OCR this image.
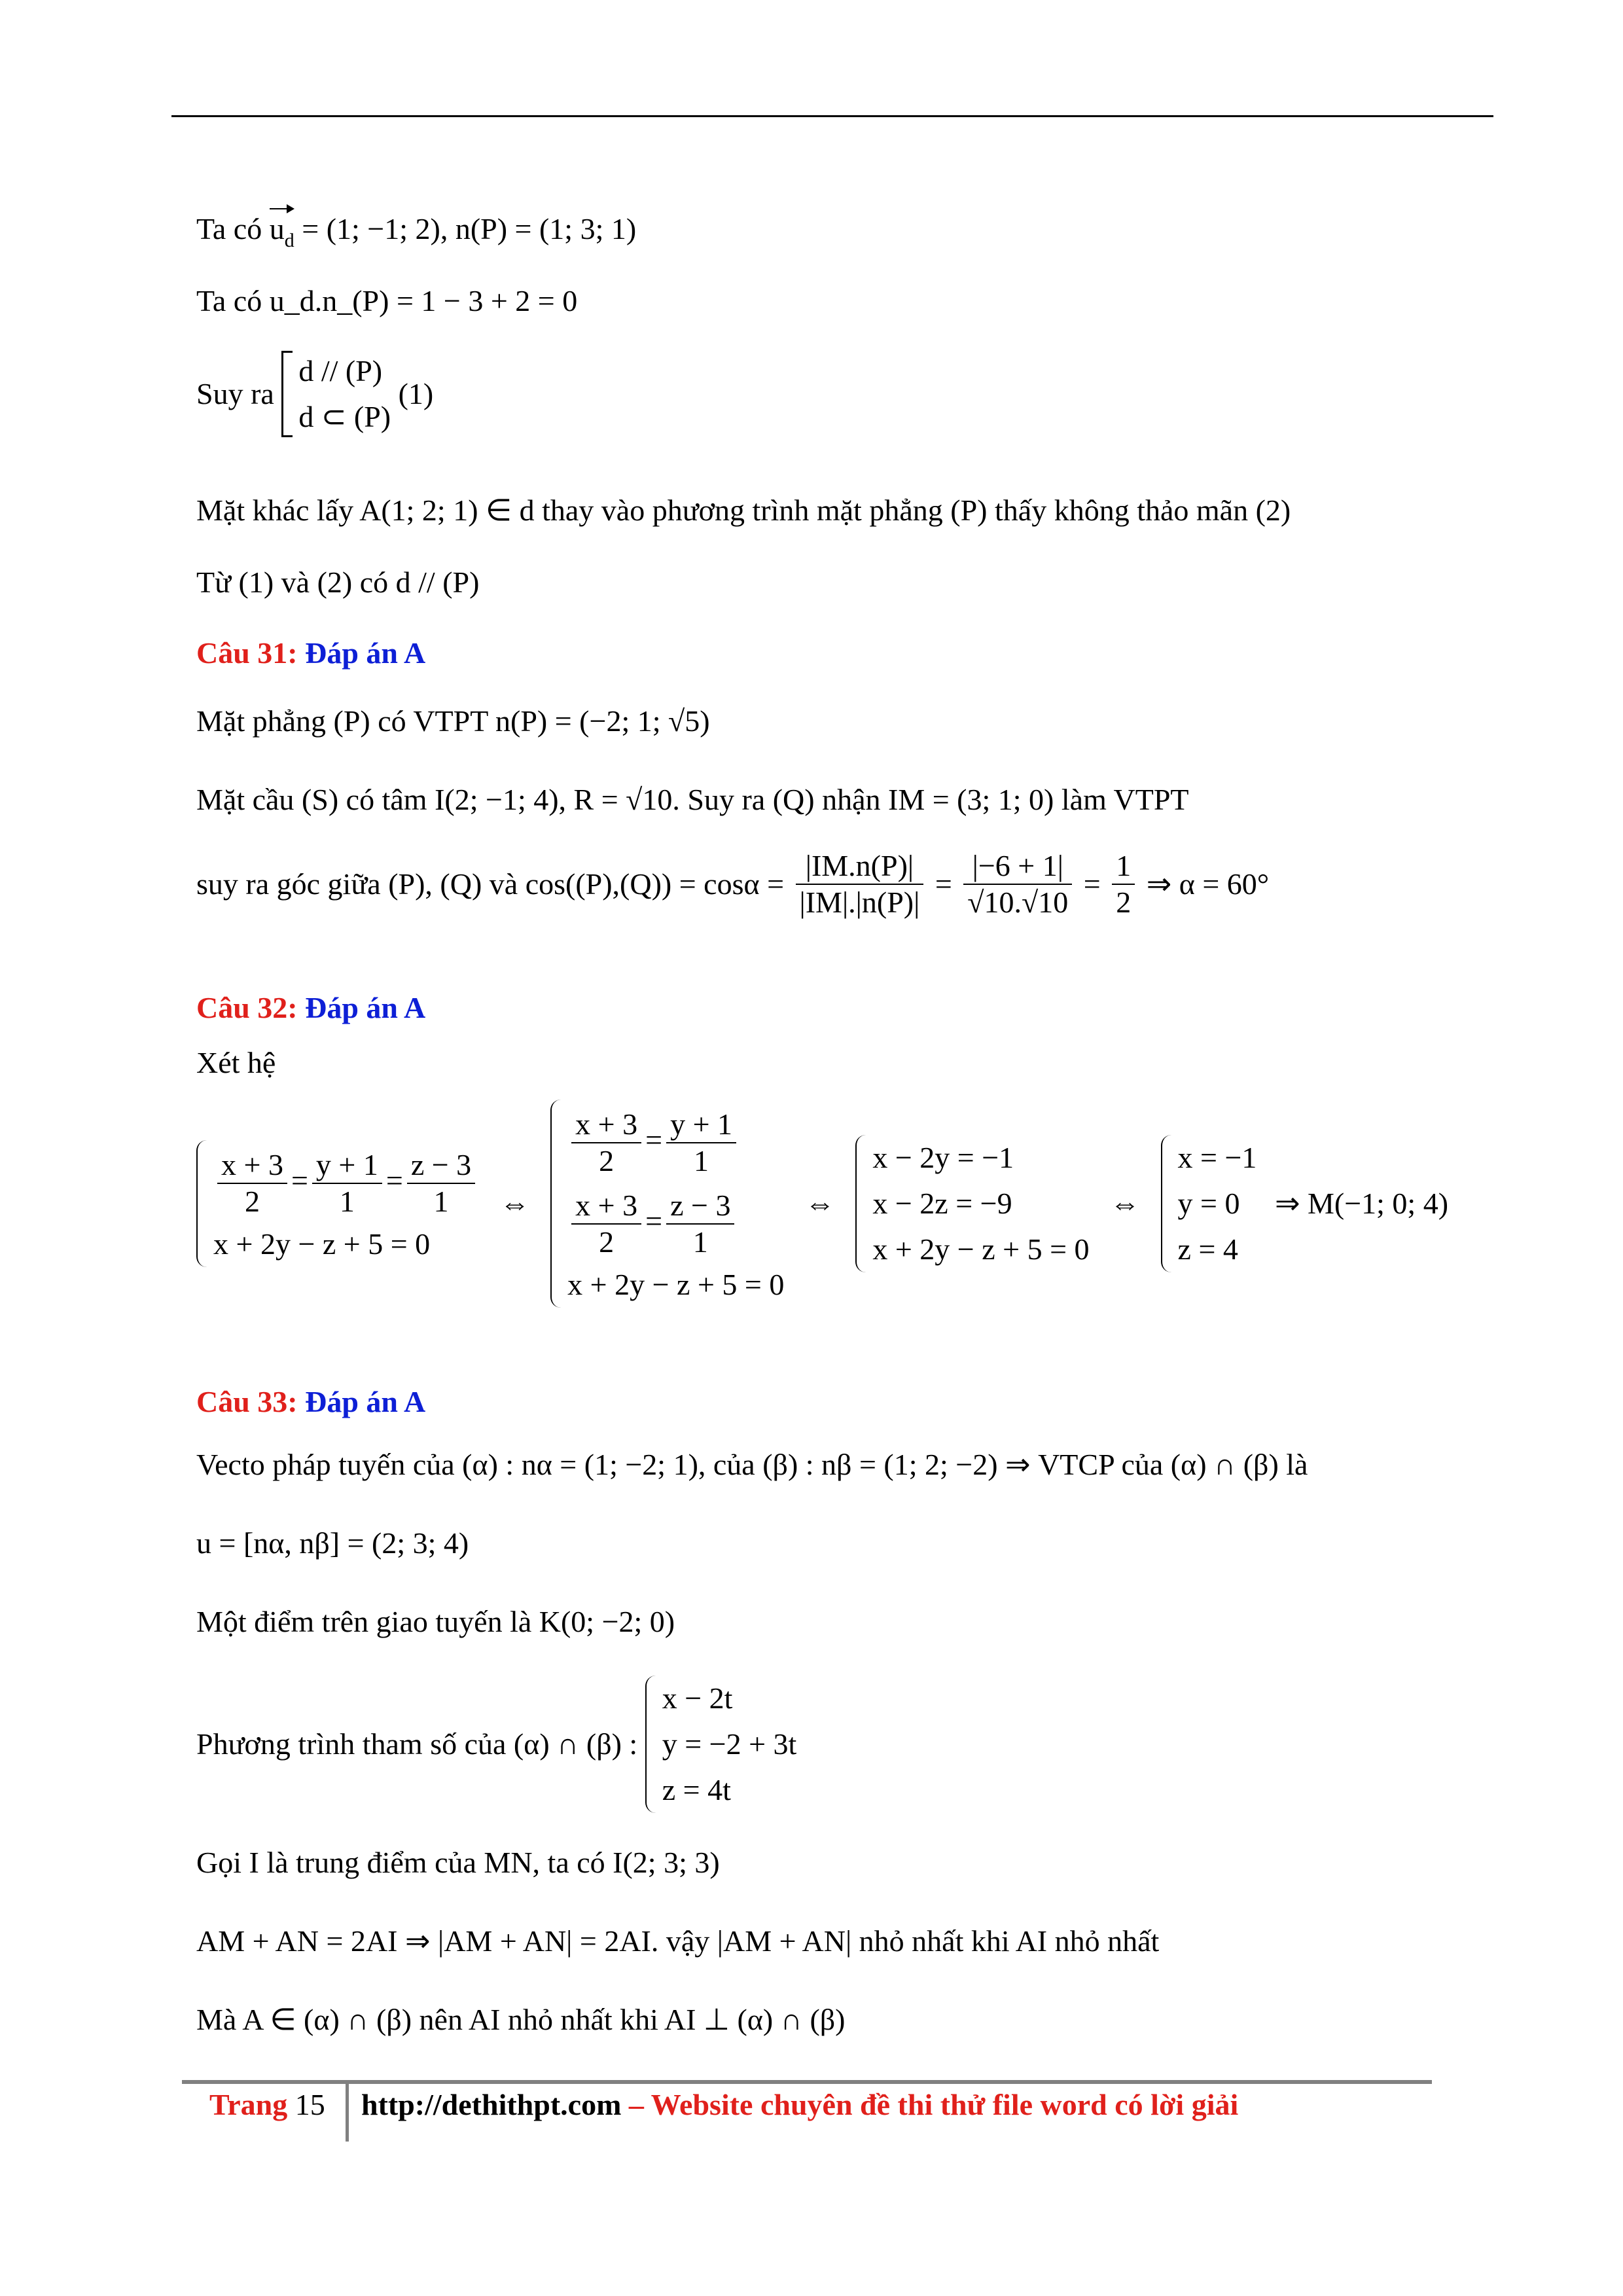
Ta có $u_d = (1$; −1; 2), n(P) = (1; 3; 1)
Ta có u_d.n_(P) = 1 − 3 + 2 = 0
Suy ra
d // (P)
d ⊂ (P)
(1)
Mặt khác lấy A(1; 2; 1) ∈ d thay vào phương trình mặt phẳng (P) thấy không thảo mãn (2)
Từ (1) và (2) có d // (P)
Câu 31: Đáp án A
Mặt phẳng (P) có VTPT n(P) = (−2; 1; √5)
Mặt cầu (S) có tâm I(2; −1; 4), R = √10. Suy ra (Q) nhận IM = (3; 1; 0) làm VTPT
suy ra góc giữa (P), (Q) và $\cos((P),(Q)) = \cos\alpha = \frac{|IM.n(P)|}{|IM|.|n(P)|} = \frac{|-6 + 1|}{√10.√10} = \frac{1}{2}$ ⇒ α = 60°
Câu 32: Đáp án A
Xét hệ
$\frac{x + 3}{2} = \frac{y + 1}{1} = \frac{z - 3}{1}$
x + 2y − z + 5 = 0
⇔
$\frac{x + 3}{2} = \frac{y + 1}{1}$
$\frac{x + 3}{2} = \frac{z - 3}{1}$
x + 2y − z + 5 = 0
⇔
x − 2y = −1
x − 2z = −9
x + 2y − z + 5 = 0
⇔
x = −1
y = 0
z = 4
⇒ M(−1; 0; 4)
Câu 33: Đáp án A
Vecto pháp tuyến của (α) : nα = (1; −2; 1), của (β) : nβ = (1; 2; −2) ⇒ VTCP của (α) ∩ (β) là
u = [nα, nβ] = (2; 3; 4)
Một điểm trên giao tuyến là K(0; −2; 0)
Phương trình tham số của (α) ∩ (β) :
x − 2t
y = −2 + 3t
z = 4t
Gọi I là trung điểm của MN, ta có I(2; 3; 3)
AM + AN = 2AI ⇒ |AM + AN| = 2AI. vậy |AM + AN| nhỏ nhất khi AI nhỏ nhất
Mà A ∈ (α) ∩ (β) nên AI nhỏ nhất khi AI ⊥ (α) ∩ (β)
Trang 15 http://dethithpt.com – Website chuyên đề thi thử file word có lời giải
